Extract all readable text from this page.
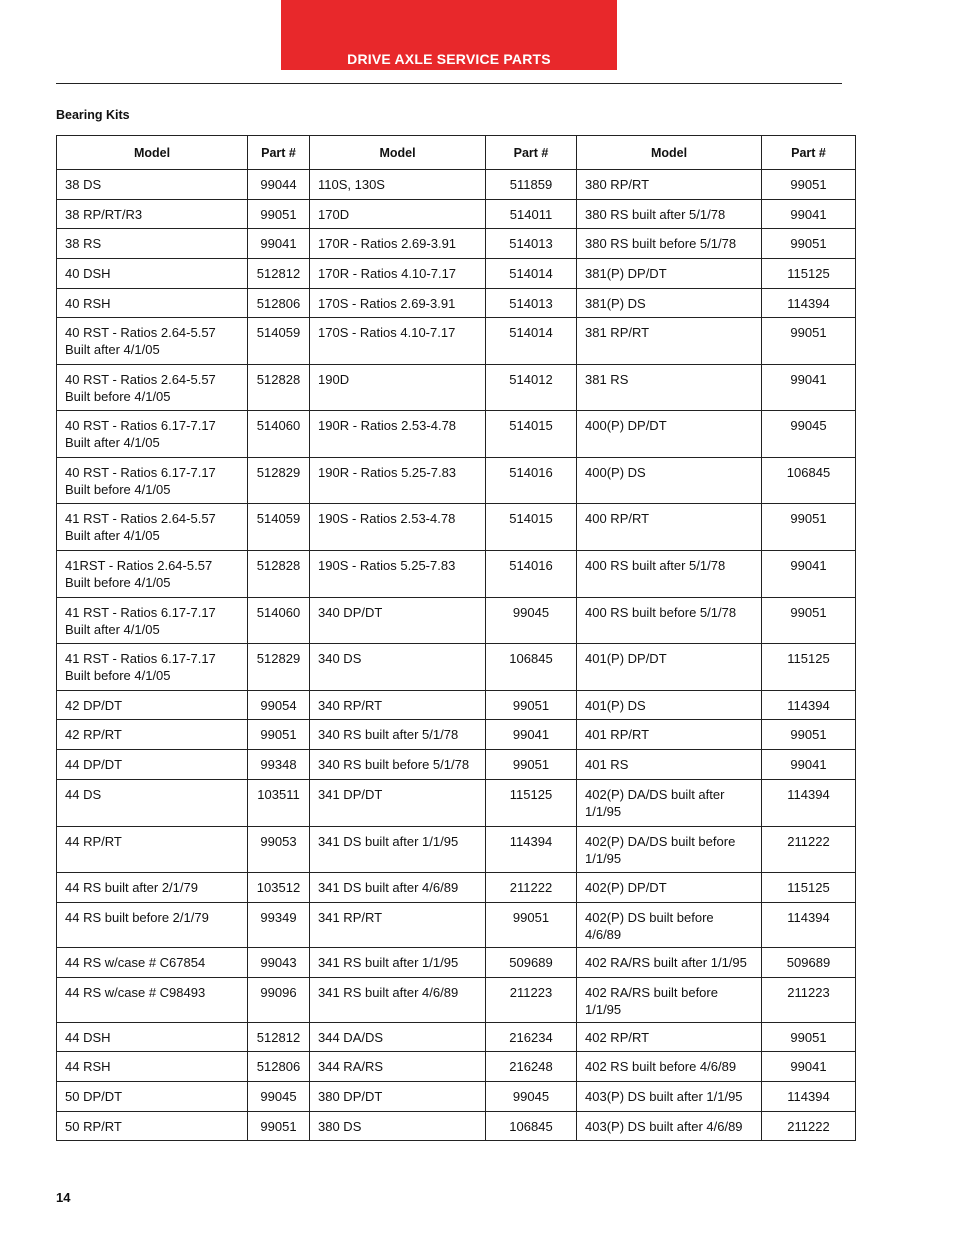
DRIVE AXLE SERVICE PARTS
Bearing Kits
Model	Part #	Model	Part #	Model	Part #

38 DS	99044	110S, 130S	511859	380 RP/RT	99051

38 RP/RT/R3	99051	170D	514011	380 RS built after 5/1/78	99041

38 RS	99041	170R - Ratios 2.69-3.91	514013	380 RS built before 5/1/78	99051

40 DSH	512812	170R - Ratios 4.10-7.17	514014	381(P) DP/DT	115125

40 RSH	512806	170S - Ratios 2.69-3.91	514013	381(P) DS	114394

40 RST - Ratios 2.64-5.57
Built after 4/1/05	514059	170S - Ratios 4.10-7.17	514014	381 RP/RT	99051

40 RST - Ratios 2.64-5.57
Built before 4/1/05	512828	190D	514012	381 RS	99041

40 RST - Ratios 6.17-7.17
Built after 4/1/05	514060	190R - Ratios 2.53-4.78	514015	400(P) DP/DT	99045

40 RST - Ratios 6.17-7.17
Built before 4/1/05	512829	190R - Ratios 5.25-7.83	514016	400(P) DS	106845

41 RST - Ratios 2.64-5.57
Built after 4/1/05	514059	190S - Ratios 2.53-4.78	514015	400 RP/RT	99051

41RST - Ratios 2.64-5.57
Built before 4/1/05	512828	190S - Ratios 5.25-7.83	514016	400 RS built after 5/1/78	99041

41 RST - Ratios 6.17-7.17
Built after 4/1/05	514060	340 DP/DT	99045	400 RS built before 5/1/78	99051

41 RST - Ratios 6.17-7.17
Built before 4/1/05	512829	340 DS	106845	401(P) DP/DT	115125

42 DP/DT	99054	340 RP/RT	99051	401(P) DS	114394

42 RP/RT	99051	340 RS built after 5/1/78	99041	401 RP/RT	99051

44 DP/DT	99348	340 RS built before 5/1/78	99051	401 RS	99041

44 DS	103511	341 DP/DT	115125	402(P) DA/DS built after
1/1/95	114394

44 RP/RT	99053	341 DS built after 1/1/95	114394	402(P) DA/DS built before
1/1/95	211222

44 RS built after 2/1/79	103512	341 DS built after 4/6/89	211222	402(P) DP/DT	115125

44 RS built before 2/1/79	99349	341 RP/RT	99051	402(P) DS built before 4/6/89	114394

44 RS w/case # C67854	99043	341 RS built after 1/1/95	509689	402 RA/RS built after 1/1/95	509689

44 RS w/case # C98493	99096	341 RS built after 4/6/89	211223	402 RA/RS built before 1/1/95	211223

44 DSH	512812	344 DA/DS	216234	402 RP/RT	99051

44 RSH	512806	344 RA/RS	216248	402 RS built before 4/6/89	99041

50 DP/DT	99045	380 DP/DT	99045	403(P) DS built after 1/1/95	114394

50 RP/RT	99051	380 DS	106845	403(P) DS built after 4/6/89	211222
14
